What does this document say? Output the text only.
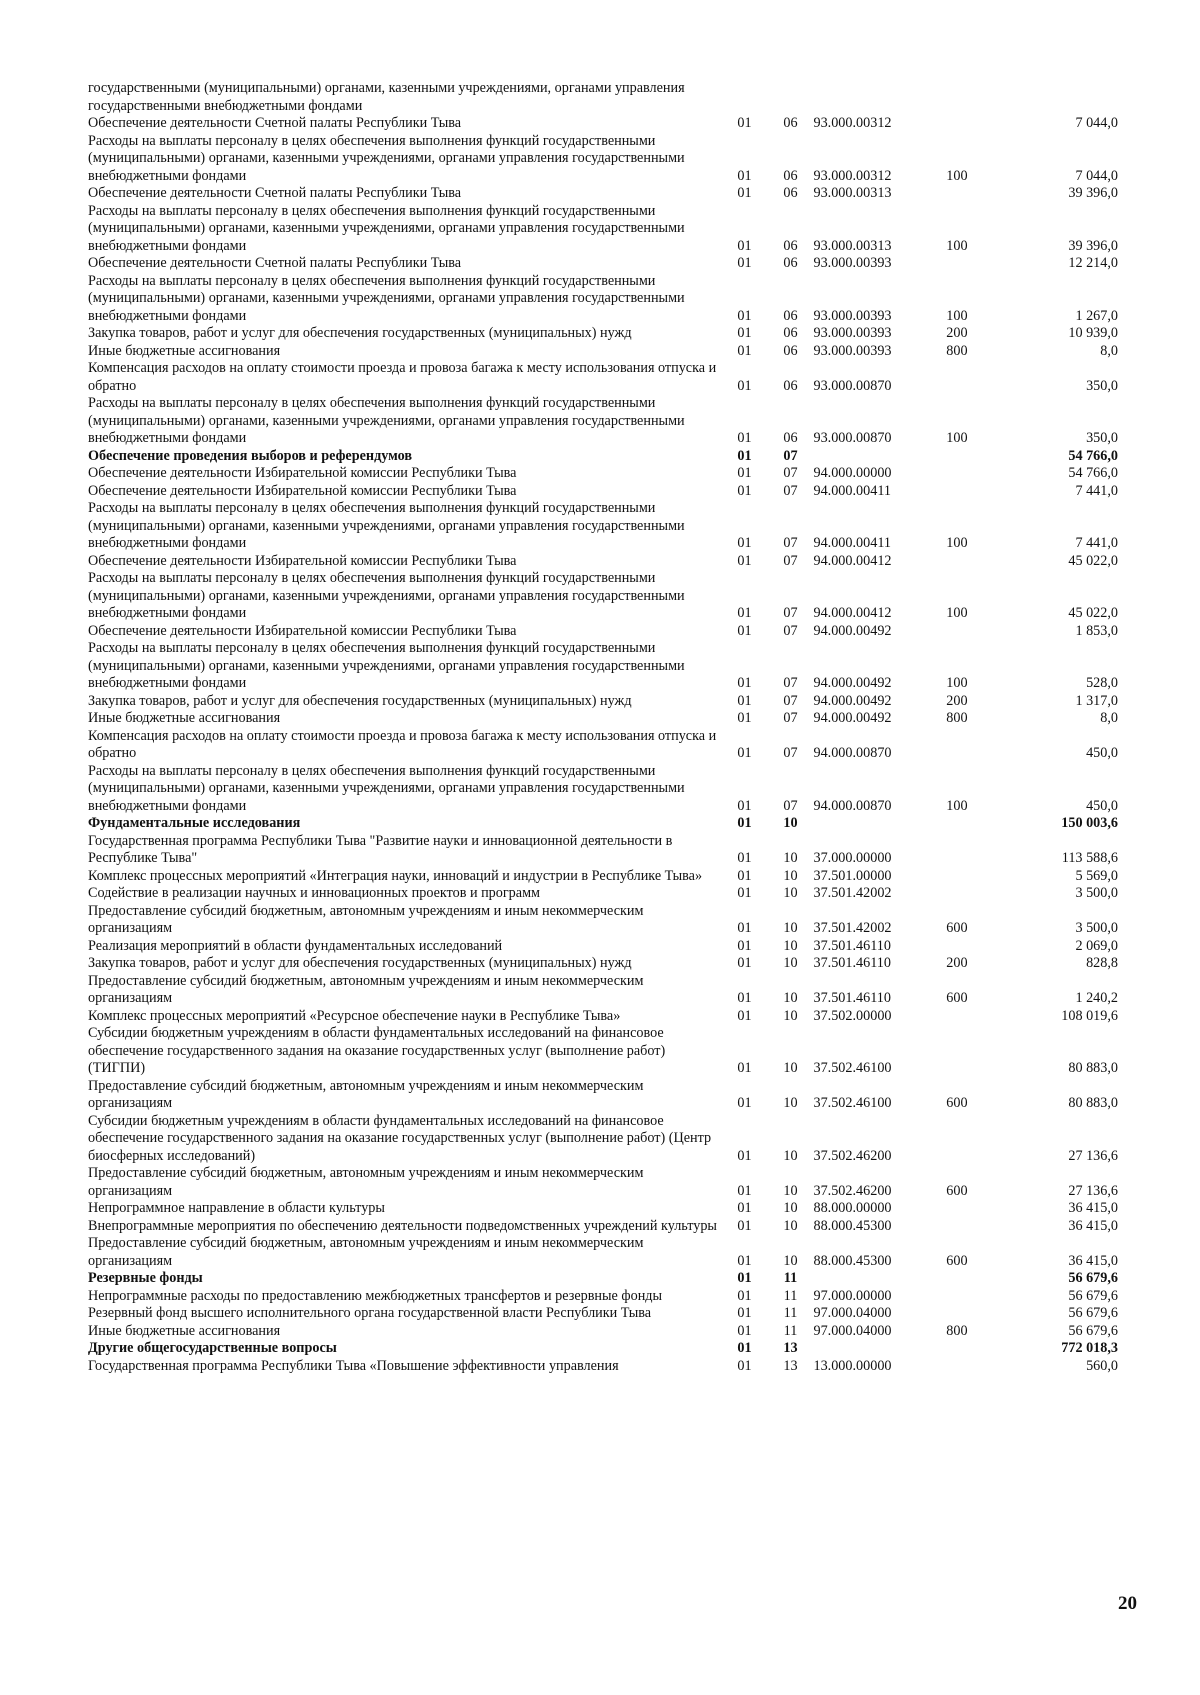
государственными (муниципальными) органами, казенными учреждениями, органами управления государственными внебюджетными фондами					
Обеспечение деятельности Счетной палаты Республики Тыва	01	06	93.000.00312		7 044,0
Расходы на выплаты персоналу в целях обеспечения выполнения функций государственными (муниципальными) органами, казенными учреждениями, органами управления государственными внебюджетными фондами	01	06	93.000.00312	100	7 044,0
Обеспечение деятельности Счетной палаты Республики Тыва	01	06	93.000.00313		39 396,0
Расходы на выплаты персоналу в целях обеспечения выполнения функций государственными (муниципальными) органами, казенными учреждениями, органами управления государственными внебюджетными фондами	01	06	93.000.00313	100	39 396,0
Обеспечение деятельности Счетной палаты Республики Тыва	01	06	93.000.00393		12 214,0
Расходы на выплаты персоналу в целях обеспечения выполнения функций государственными (муниципальными) органами, казенными учреждениями, органами управления государственными внебюджетными фондами	01	06	93.000.00393	100	1 267,0
Закупка товаров, работ и услуг для обеспечения государственных (муниципальных) нужд	01	06	93.000.00393	200	10 939,0
Иные бюджетные ассигнования	01	06	93.000.00393	800	8,0
Компенсация расходов на оплату стоимости проезда и провоза багажа к месту использования отпуска и обратно	01	06	93.000.00870		350,0
Расходы на выплаты персоналу в целях обеспечения выполнения функций государственными (муниципальными) органами, казенными учреждениями, органами управления государственными внебюджетными фондами	01	06	93.000.00870	100	350,0
Обеспечение проведения выборов и референдумов	01	07			54 766,0
Обеспечение деятельности Избирательной комиссии Республики Тыва	01	07	94.000.00000		54 766,0
Обеспечение деятельности Избирательной комиссии Республики Тыва	01	07	94.000.00411		7 441,0
Расходы на выплаты персоналу в целях обеспечения выполнения функций государственными (муниципальными) органами, казенными учреждениями, органами управления государственными внебюджетными фондами	01	07	94.000.00411	100	7 441,0
Обеспечение деятельности Избирательной комиссии Республики Тыва	01	07	94.000.00412		45 022,0
Расходы на выплаты персоналу в целях обеспечения выполнения функций государственными (муниципальными) органами, казенными учреждениями, органами управления государственными внебюджетными фондами	01	07	94.000.00412	100	45 022,0
Обеспечение деятельности Избирательной комиссии Республики Тыва	01	07	94.000.00492		1 853,0
Расходы на выплаты персоналу в целях обеспечения выполнения функций государственными (муниципальными) органами, казенными учреждениями, органами управления государственными внебюджетными фондами	01	07	94.000.00492	100	528,0
Закупка товаров, работ и услуг для обеспечения государственных (муниципальных) нужд	01	07	94.000.00492	200	1 317,0
Иные бюджетные ассигнования	01	07	94.000.00492	800	8,0
Компенсация расходов на оплату стоимости проезда и провоза багажа к месту использования отпуска и обратно	01	07	94.000.00870		450,0
Расходы на выплаты персоналу в целях обеспечения выполнения функций государственными (муниципальными) органами, казенными учреждениями, органами управления государственными внебюджетными фондами	01	07	94.000.00870	100	450,0
Фундаментальные исследования	01	10			150 003,6
Государственная программа Республики Тыва "Развитие науки и инновационной деятельности в Республике Тыва"	01	10	37.000.00000		113 588,6
Комплекс процессных мероприятий «Интеграция науки, инноваций и индустрии в Республике Тыва»	01	10	37.501.00000		5 569,0
Содействие в реализации научных и инновационных проектов и программ	01	10	37.501.42002		3 500,0
Предоставление субсидий бюджетным, автономным учреждениям и иным некоммерческим организациям	01	10	37.501.42002	600	3 500,0
Реализация мероприятий в области фундаментальных исследований	01	10	37.501.46110		2 069,0
Закупка товаров, работ и услуг для обеспечения государственных (муниципальных) нужд	01	10	37.501.46110	200	828,8
Предоставление субсидий бюджетным, автономным учреждениям и иным некоммерческим организациям	01	10	37.501.46110	600	1 240,2
Комплекс процессных мероприятий «Ресурсное обеспечение науки в Республике Тыва»	01	10	37.502.00000		108 019,6
Субсидии бюджетным учреждениям в области фундаментальных исследований на финансовое обеспечение государственного задания на оказание государственных услуг (выполнение работ) (ТИГПИ)	01	10	37.502.46100		80 883,0
Предоставление субсидий бюджетным, автономным учреждениям и иным некоммерческим организациям	01	10	37.502.46100	600	80 883,0
Субсидии бюджетным учреждениям в области фундаментальных исследований на финансовое обеспечение государственного задания на оказание государственных услуг (выполнение работ) (Центр биосферных исследований)	01	10	37.502.46200		27 136,6
Предоставление субсидий бюджетным, автономным учреждениям и иным некоммерческим организациям	01	10	37.502.46200	600	27 136,6
Непрограммное направление в области культуры	01	10	88.000.00000		36 415,0
Внепрограммные мероприятия по обеспечению деятельности подведомственных учреждений культуры	01	10	88.000.45300		36 415,0
Предоставление субсидий бюджетным, автономным учреждениям и иным некоммерческим организациям	01	10	88.000.45300	600	36 415,0
Резервные фонды	01	11			56 679,6
Непрограммные расходы по предоставлению межбюджетных трансфертов и резервные фонды	01	11	97.000.00000		56 679,6
Резервный фонд высшего исполнительного органа государственной власти Республики Тыва	01	11	97.000.04000		56 679,6
Иные бюджетные ассигнования	01	11	97.000.04000	800	56 679,6
Другие общегосударственные вопросы	01	13			772 018,3
Государственная программа Республики Тыва «Повышение эффективности управления	01	13	13.000.00000		560,0
20
